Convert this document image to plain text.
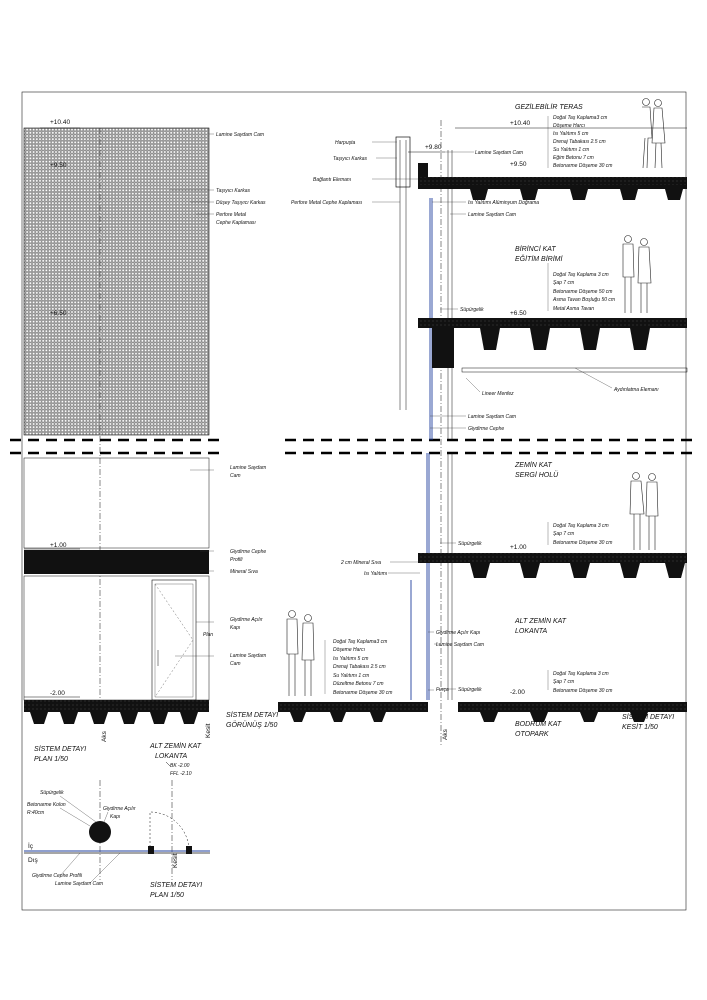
+10.40
+9.50
+6.50
+1.00
-2.00
Lamine Saydam Cam
Taşıyıcı Karkas
Düşey Taşıyıcı Karkas
Perfore Metal
Cephe Kaplaması
Lamine Saydam
Cam
Giydirme Cephe
Profili
Mineral Sıva
Giydirme Açılır
Kapı
Lamine Saydam
Cam
Plan
+10.40
+9.80
+9.50
+6.50
+1.00
-2.00
Harpuşta
Taşıyıcı Karkas
Bağlantı Elemanı
Perfore Metal Cephe Kaplaması
2 cm Mineral Sıva
Isı Yalıtımı
Lamine Saydam Cam
Isı Yalıtımı Alüminyum Doğrama
Lamine Saydam Cam
Süpürgelik
Lineer Menfez
Lamine Saydam Cam
Giydirme Cephe
Süpürgelik
Giydirme Açılır Kapı
Lamine Saydam Cam
Süpürgelik
Furça
Aydınlatma Elemanı
Doğal Taş Kaplama3 cm
Döşeme Harcı
Isı Yalıtımı 5 cm
Drenaj Tabakası 2.5 cm
Su Yalıtımı 1 cm
Eğim Betonu 7 cm
Betonarme Döşeme 30 cm
Doğal Taş Kaplama 3 cm
Şap 7 cm
Betonarme Döşeme 50 cm
Asma Tavan Boşluğu 50 cm
Metal Asma Tavan
Doğal Taş Kaplama 3 cm
Şap 7 cm
Betonarme Döşeme 30 cm
Doğal Taş Kaplama3 cm
Döşeme Harcı
Isı Yalıtımı 5 cm
Drenaj Tabakası 2.5 cm
Su Yalıtımı 1 cm
Düzeltme Betonu 7 cm
Betonarme Döşeme 30 cm
Doğal Taş Kaplama 3 cm
Şap 7 cm
Betonarme Döşeme 30 cm
GEZİLEBİLİR TERAS
BİRİNCİ KAT
EĞİTİM BİRİMİ
ZEMİN KAT
SERGİ HOLÜ
ALT ZEMİN KAT
LOKANTA
BODRUM KAT
OTOPARK
Aks
SİSTEM DETAYI
PLAN 1/50
SİSTEM DETAYI
GÖRÜNÜŞ 1/50
SİSTEM DETAYI
KESİT 1/50
SİSTEM DETAYI
PLAN 1/50
ALT ZEMİN KAT
LOKANTA
BK -2.00
FFL -2.10
Aks	Kesit
Kesit
Süpürgelik
Betonarme Kolon
R:40cm
Giydirme Açılır
Kapı
İç
Dış
Giydirme Cephe Profili
Lamine Saydam Cam
